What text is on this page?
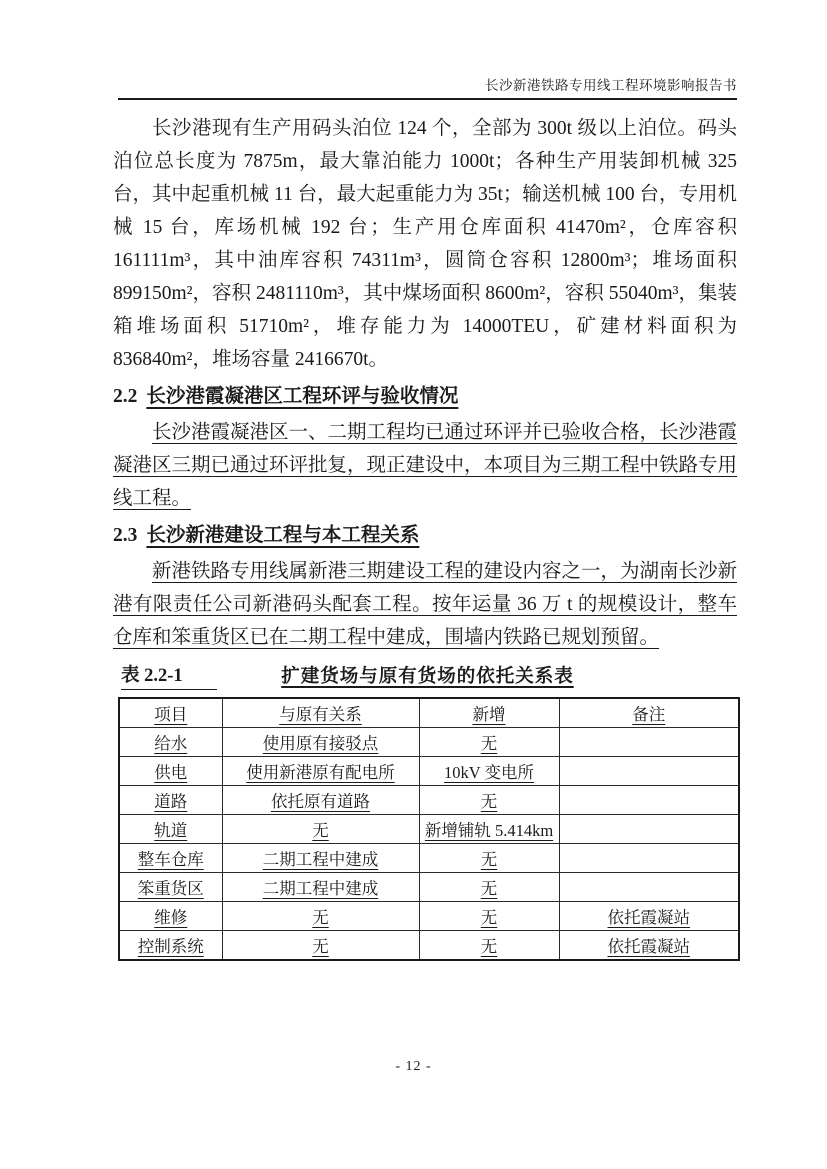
长沙新港铁路专用线工程环境影响报告书

长沙港现有生产用码头泊位 124 个，全部为 300t 级以上泊位。码头泊位总长度为 7875m，最大靠泊能力 1000t；各种生产用装卸机械 325 台，其中起重机械 11 台，最大起重能力为 35t；输送机械 100 台，专用机械 15 台，库场机械 192 台；生产用仓库面积 41470m²，仓库容积 161111m³，其中油库容积 74311m³，圆筒仓容积 12800m³；堆场面积 899150m²，容积 2481110m³，其中煤场面积 8600m²，容积 55040m³，集装箱堆场面积 51710m²，堆存能力为 14000TEU，矿建材料面积为 836840m²，堆场容量 2416670t。

2.2 长沙港霞凝港区工程环评与验收情况

长沙港霞凝港区一、二期工程均已通过环评并已验收合格，长沙港霞凝港区三期已通过环评批复，现正建设中，本项目为三期工程中铁路专用线工程。

2.3 长沙新港建设工程与本工程关系

新港铁路专用线属新港三期建设工程的建设内容之一，为湖南长沙新港有限责任公司新港码头配套工程。按年运量 36 万 t 的规模设计，整车仓库和笨重货区已在二期工程中建成，围墙内铁路已规划预留。

表 2.2-1	扩建货场与原有货场的依托关系表
项目	与原有关系	新增	备注
给水	使用原有接驳点	无	
供电	使用新港原有配电所	10kV 变电所	
道路	依托原有道路	无	
轨道	无	新增铺轨 5.414km	
整车仓库	二期工程中建成	无	
笨重货区	二期工程中建成	无	
维修	无	无	依托霞凝站
控制系统	无	无	依托霞凝站
- 12 -
